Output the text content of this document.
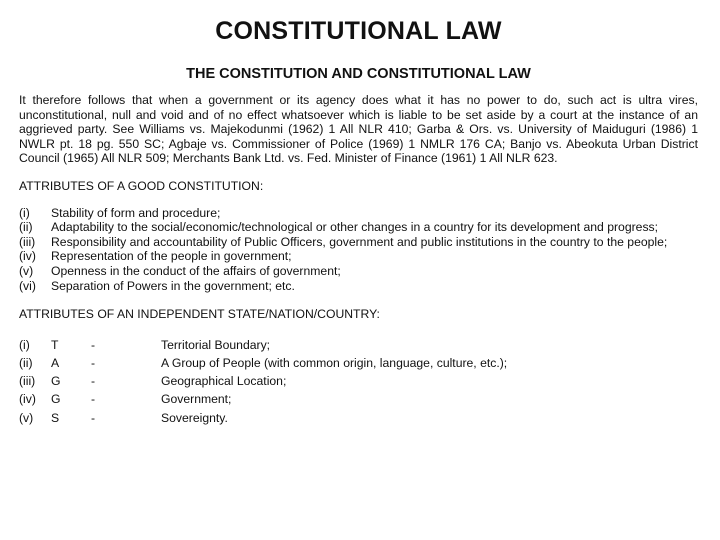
CONSTITUTIONAL LAW
THE CONSTITUTION AND CONSTITUTIONAL LAW

It therefore follows that when a government or its agency does what it has no power to do, such act is ultra vires, unconstitutional, null and void and of no effect whatsoever which is liable to be set aside by a court at the instance of an aggrieved party. See Williams vs. Majekodunmi (1962) 1 All NLR 410; Garba & Ors. vs. University of Maiduguri (1986) 1 NWLR pt. 18 pg. 550 SC; Agbaje vs. Commissioner of Police (1969) 1 NMLR 176 CA; Banjo vs. Abeokuta Urban District Council (1965) All NLR 509; Merchants Bank Ltd. vs. Fed. Minister of Finance (1961) 1 All NLR 623.

ATTRIBUTES OF A GOOD CONSTITUTION:

(i)	Stability of form and procedure;
(ii)	Adaptability to the social/economic/technological or other changes in a country for its development and progress;
(iii)	Responsibility and accountability of Public Officers, government and public institutions in the country to the people;
(iv)	Representation of the people in government;
(v)	Openness in the conduct of the affairs of government;
(vi)	Separation of Powers in the government; etc.

ATTRIBUTES OF AN INDEPENDENT STATE/NATION/COUNTRY:

(i)	T	-	Territorial Boundary;
(ii)	A	-	A Group of People (with common origin, language, culture, etc.);
(iii)	G	-	Geographical Location;
(iv)	G	-	Government;
(v)	S	-	Sovereignty.
